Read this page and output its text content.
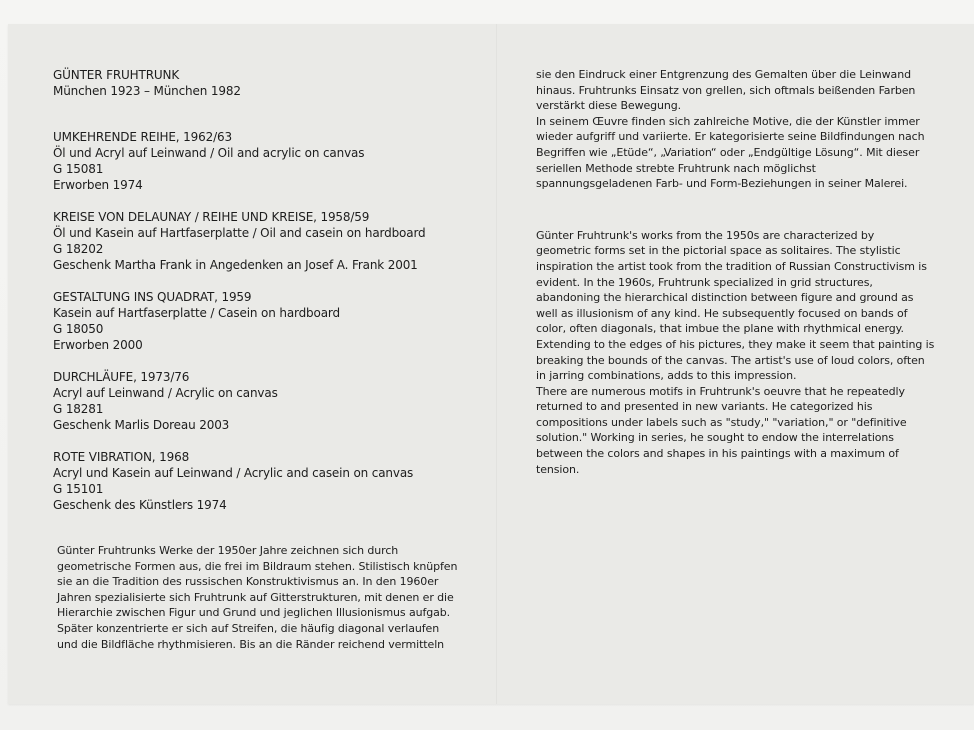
GÜNTER FRUHTRUNK
München 1923 – München 1982
UMKEHRENDE REIHE, 1962/63
Öl und Acryl auf Leinwand / Oil and acrylic on canvas
G 15081
Erworben 1974
KREISE VON DELAUNAY / REIHE UND KREISE, 1958/59
Öl und Kasein auf Hartfaserplatte / Oil and casein on hardboard
G 18202
Geschenk Martha Frank in Angedenken an Josef A. Frank 2001
GESTALTUNG INS QUADRAT, 1959
Kasein auf Hartfaserplatte / Casein on hardboard
G 18050
Erworben 2000
DURCHLÄUFE, 1973/76
Acryl auf Leinwand / Acrylic on canvas
G 18281
Geschenk Marlis Doreau 2003
ROTE VIBRATION, 1968
Acryl und Kasein auf Leinwand / Acrylic and casein on canvas
G 15101
Geschenk des Künstlers 1974
Günter Fruhtrunks Werke der 1950er Jahre zeichnen sich durch
geometrische Formen aus, die frei im Bildraum stehen. Stilistisch knüpfen
sie an die Tradition des russischen Konstruktivismus an. In den 1960er
Jahren spezialisierte sich Fruhtrunk auf Gitterstrukturen, mit denen er die
Hierarchie zwischen Figur und Grund und jeglichen Illusionismus aufgab.
Später konzentrierte er sich auf Streifen, die häufig diagonal verlaufen
und die Bildfläche rhythmisieren. Bis an die Ränder reichend vermitteln
sie den Eindruck einer Entgrenzung des Gemalten über die Leinwand
hinaus. Fruhtrunks Einsatz von grellen, sich oftmals beißenden Farben
verstärkt diese Bewegung.
In seinem Œuvre finden sich zahlreiche Motive, die der Künstler immer
wieder aufgriff und variierte. Er kategorisierte seine Bildfindungen nach
Begriffen wie „Etüde“, „Variation“ oder „Endgültige Lösung“. Mit dieser
seriellen Methode strebte Fruhtrunk nach möglichst
spannungsgeladenen Farb- und Form-Beziehungen in seiner Malerei.
Günter Fruhtrunk's works from the 1950s are characterized by
geometric forms set in the pictorial space as solitaires. The stylistic
inspiration the artist took from the tradition of Russian Constructivism is
evident. In the 1960s, Fruhtrunk specialized in grid structures,
abandoning the hierarchical distinction between figure and ground as
well as illusionism of any kind. He subsequently focused on bands of
color, often diagonals, that imbue the plane with rhythmical energy.
Extending to the edges of his pictures, they make it seem that painting is
breaking the bounds of the canvas. The artist's use of loud colors, often
in jarring combinations, adds to this impression.
There are numerous motifs in Fruhtrunk's oeuvre that he repeatedly
returned to and presented in new variants. He categorized his
compositions under labels such as "study," "variation," or "definitive
solution." Working in series, he sought to endow the interrelations
between the colors and shapes in his paintings with a maximum of
tension.
